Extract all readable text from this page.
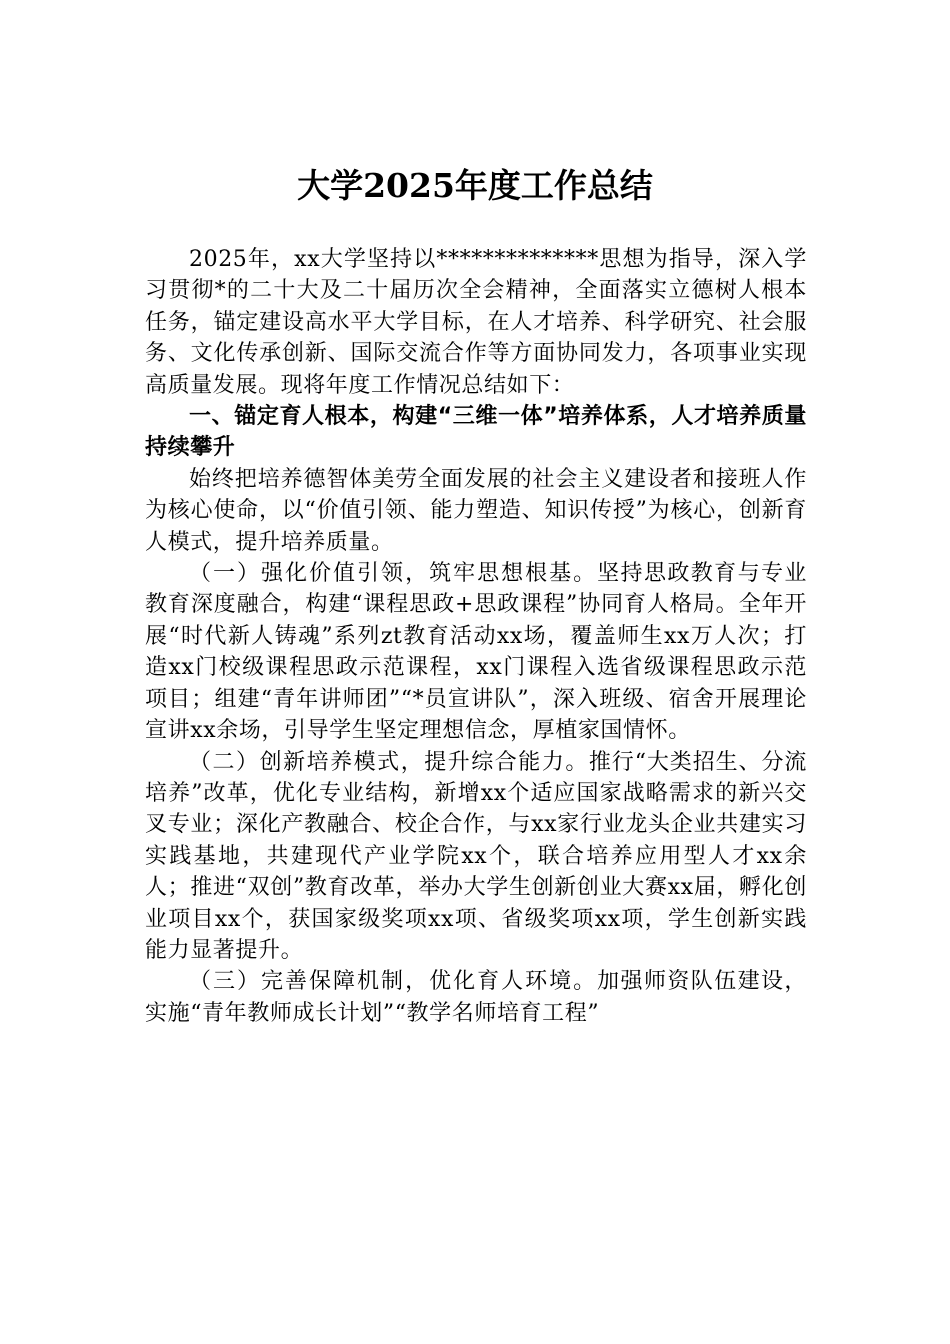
大学2025年度工作总结

2025年，xx大学坚持以**************思想为指导，深入学习贯彻*的二十大及二十届历次全会精神，全面落实立德树人根本任务，锚定建设高水平大学目标，在人才培养、科学研究、社会服务、文化传承创新、国际交流合作等方面协同发力，各项事业实现高质量发展。现将年度工作情况总结如下：

一、锚定育人根本，构建“三维一体”培养体系，人才培养质量持续攀升

始终把培养德智体美劳全面发展的社会主义建设者和接班人作为核心使命，以“价值引领、能力塑造、知识传授”为核心，创新育人模式，提升培养质量。

（一）强化价值引领，筑牢思想根基。坚持思政教育与专业教育深度融合，构建“课程思政+思政课程”协同育人格局。全年开展“时代新人铸魂”系列zt教育活动xx场，覆盖师生xx万人次；打造xx门校级课程思政示范课程，xx门课程入选省级课程思政示范项目；组建“青年讲师团”“*员宣讲队”，深入班级、宿舍开展理论宣讲xx余场，引导学生坚定理想信念，厚植家国情怀。

（二）创新培养模式，提升综合能力。推行“大类招生、分流培养”改革，优化专业结构，新增xx个适应国家战略需求的新兴交叉专业；深化产教融合、校企合作，与xx家行业龙头企业共建实习实践基地，共建现代产业学院xx个，联合培养应用型人才xx余人；推进“双创”教育改革，举办大学生创新创业大赛xx届，孵化创业项目xx个，获国家级奖项xx项、省级奖项xx项，学生创新实践能力显著提升。

（三）完善保障机制，优化育人环境。加强师资队伍建设，实施“青年教师成长计划”“教学名师培育工程”
